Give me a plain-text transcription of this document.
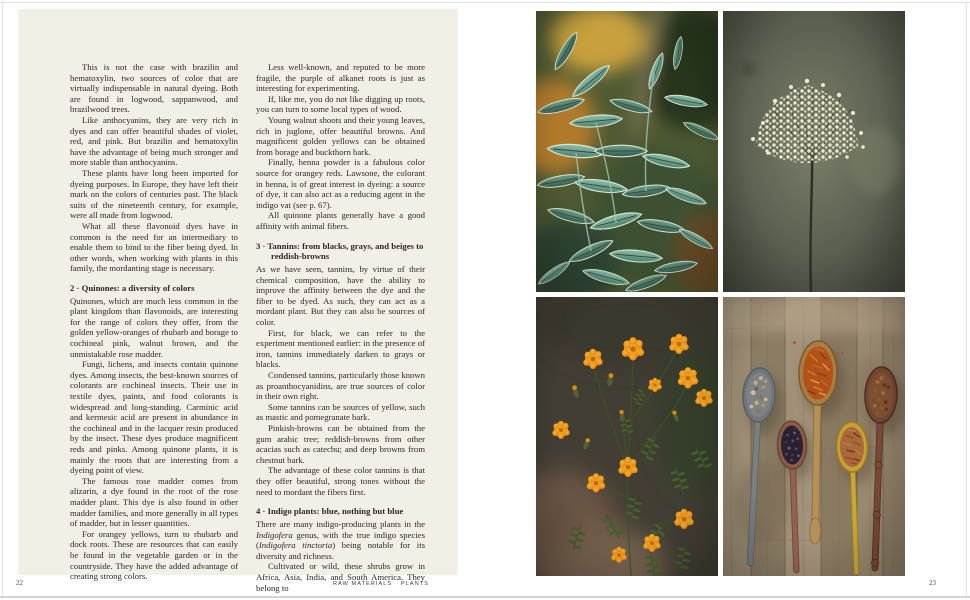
This is not the case with brazilin and hematoxylin, two sources of color that are virtually indispensable in natural dyeing. Both are found in logwood, sappanwood, and brazilwood trees.

Like anthocyanins, they are very rich in dyes and can offer beautiful shades of violet, red, and pink. But brazilin and hematoxylin have the advantage of being much stronger and more stable than anthocyanins.

These plants have long been imported for dyeing purposes. In Europe, they have left their mark on the colors of centuries past. The black suits of the nineteenth century, for example, were all made from logwood.

What all these flavonoid dyes have in common is the need for an intermediary to enable them to bind to the fiber being dyed. In other words, when working with plants in this family, the mordanting stage is necessary.

2 · Quinones: a diversity of colors

Quinones, which are much less common in the plant kingdom than flavonoids, are interesting for the range of colors they offer, from the golden yellow-oranges of rhubarb and borage to cochineal pink, walnut brown, and the unmistakable rose madder.

Fungi, lichens, and insects contain quinone dyes. Among insects, the best-known sources of colorants are cochineal insects. Their use in textile dyes, paints, and food colorants is widespread and long-standing. Carminic acid and kermesic acid are present in abundance in the cochineal and in the lacquer resin produced by the insect. These dyes produce magnificent reds and pinks. Among quinone plants, it is mainly the roots that are interesting from a dyeing point of view.

The famous rose madder comes from alizarin, a dye found in the root of the rose madder plant. This dye is also found in other madder families, and more generally in all types of madder, but in lesser quantities.

For orangey yellows, turn to rhubarb and dock roots. These are resources that can easily be found in the vegetable garden or in the countryside. They have the added advantage of creating strong colors.

Less well-known, and reputed to be more fragile, the purple of alkanet roots is just as interesting for experimenting.

If, like me, you do not like digging up roots, you can turn to some local types of wood.

Young walnut shoots and their young leaves, rich in juglone, offer beautiful browns. And magnificent golden yellows can be obtained from borage and buckthorn bark.

Finally, henna powder is a fabulous color source for orangey reds. Lawsone, the colorant in henna, is of great interest in dyeing: a source of dye, it can also act as a reducing agent in the indigo vat (see p. 67).

All quinone plants generally have a good affinity with animal fibers.

3 · Tannins: from blacks, grays, and beiges to reddish-browns

As we have seen, tannins, by virtue of their chemical composition, have the ability to improve the affinity between the dye and the fiber to be dyed. As such, they can act as a mordant plant. But they can also be sources of color.

First, for black, we can refer to the experiment mentioned earlier: in the presence of iron, tannins immediately darken to grays or blacks.

Condensed tannins, particularly those known as proanthocyanidins, are true sources of color in their own right.

Some tannins can be sources of yellow, such as mastic and pomegranate bark.

Pinkish-browns can be obtained from the gum arabic tree; reddish-browns from other acacias such as catechu; and deep browns from chestnut bark.

The advantage of these color tannins is that they offer beautiful, strong tones without the need to mordant the fibers first.

4 · Indigo plants: blue, nothing but blue

There are many indigo-producing plants in the Indigofera genus, with the true indigo species (Indigofera tinctoria) being notable for its diversity and richness.

Cultivated or wild, these shrubs grow in Africa, Asia, India, and South America. They belong to

22	RAW MATERIALS PLANTS	23
